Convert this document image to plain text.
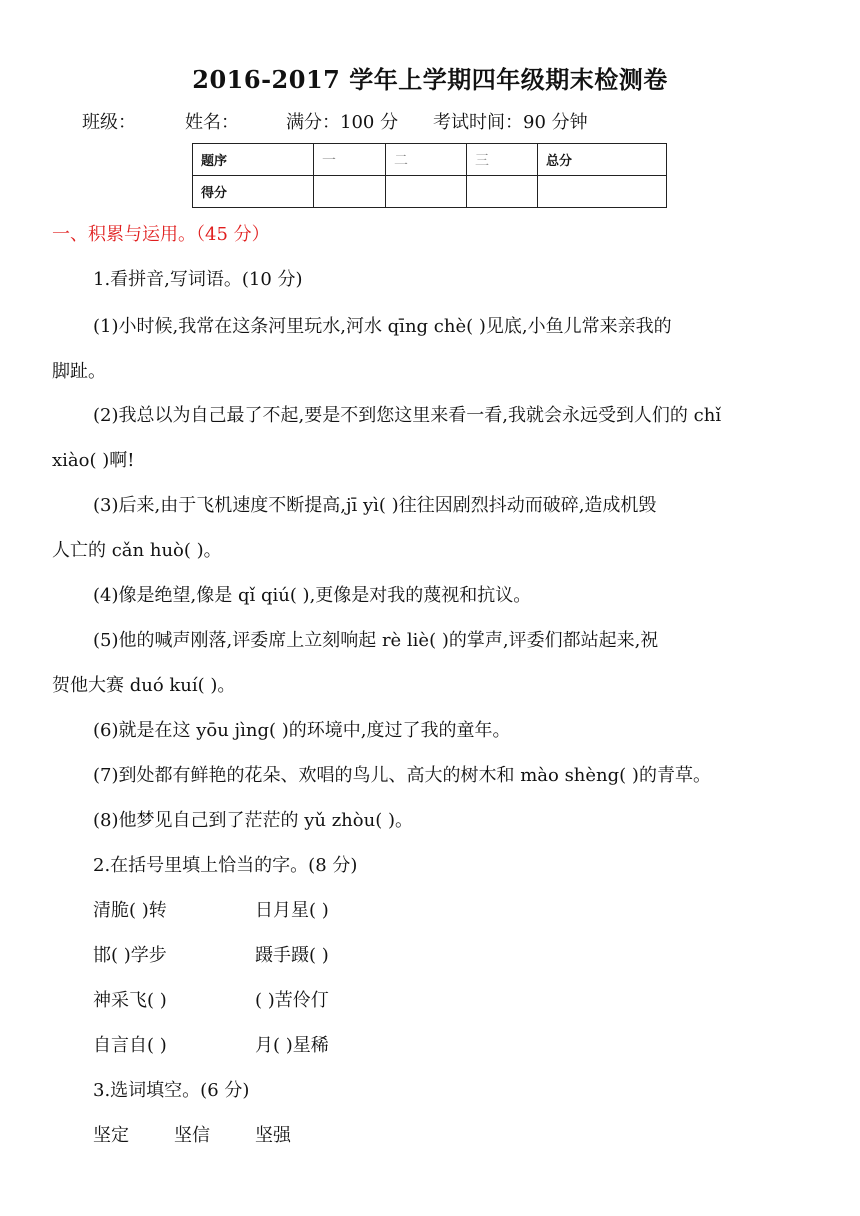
2016-2017 学年上学期四年级期末检测卷
班级：	姓名：	满分：100 分 考试时间：90 分钟
题序	一	二	三	总分
得分				
一、积累与运用。（45 分）
1.看拼音,写词语。(10 分)
(1)小时候,我常在这条河里玩水,河水 qīng chè( )见底,小鱼儿常来亲我的
脚趾。
(2)我总以为自己最了不起,要是不到您这里来看一看,我就会永远受到人们的 chǐ
xiào( )啊!
(3)后来,由于飞机速度不断提高,jī yì( )往往因剧烈抖动而破碎,造成机毁
人亡的 cǎn huò( )。
(4)像是绝望,像是 qǐ qiú( ),更像是对我的蔑视和抗议。
(5)他的喊声刚落,评委席上立刻响起 rè liè( )的掌声,评委们都站起来,祝
贺他大赛 duó kuí( )。
(6)就是在这 yōu jìng( )的环境中,度过了我的童年。
(7)到处都有鲜艳的花朵、欢唱的鸟儿、高大的树木和 mào shèng( )的青草。
(8)他梦见自己到了茫茫的 yǔ zhòu( )。
2.在括号里填上恰当的字。(8 分)
清脆( )转	日月星( )
邯( )学步	蹑手蹑( )
神采飞( )	( )苦伶仃
自言自( )	月( )星稀
3.选词填空。(6 分)
坚定	坚信	坚强
